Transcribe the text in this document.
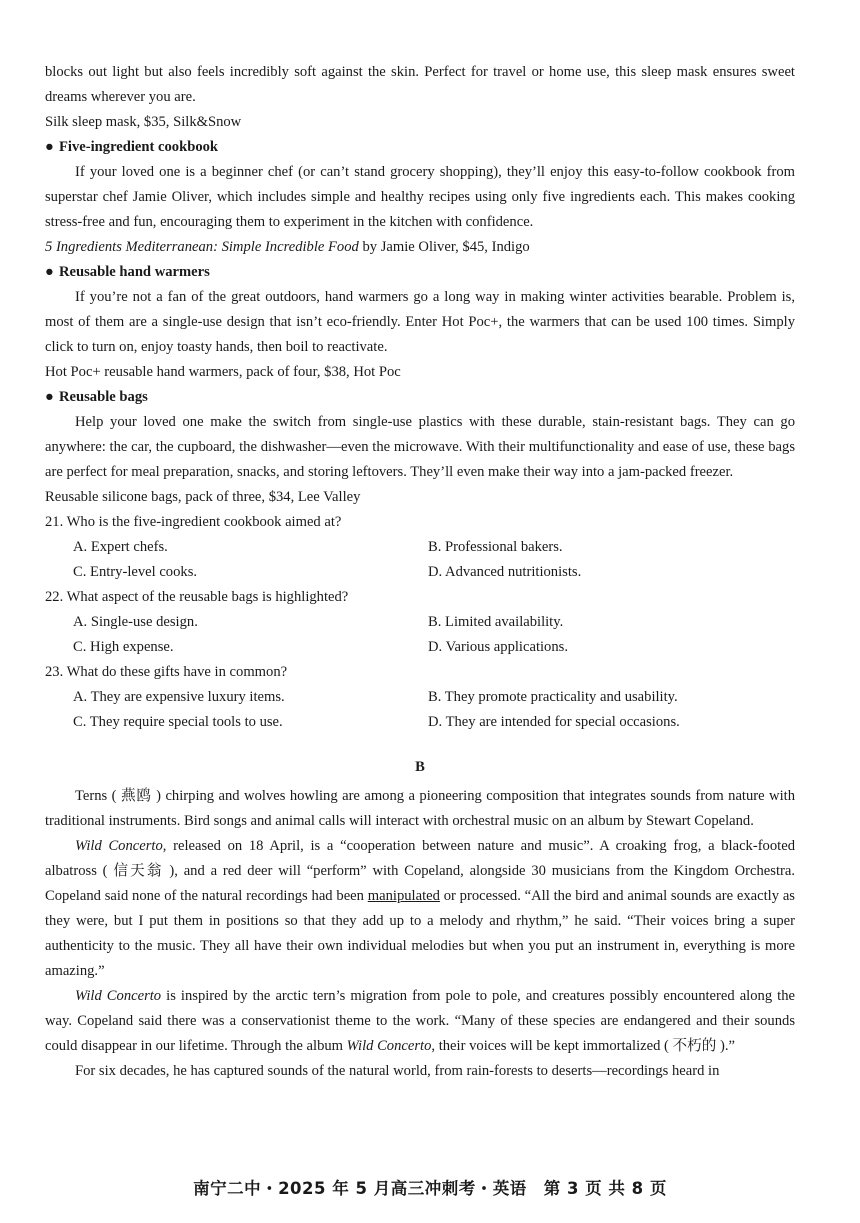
blocks out light but also feels incredibly soft against the skin. Perfect for travel or home use, this sleep mask ensures sweet dreams wherever you are.

Silk sleep mask, $35, Silk&Snow

● Five-ingredient cookbook

If your loved one is a beginner chef (or can’t stand grocery shopping), they’ll enjoy this easy-to-follow cookbook from superstar chef Jamie Oliver, which includes simple and healthy recipes using only five ingredients each. This makes cooking stress-free and fun, encouraging them to experiment in the kitchen with confidence.

5 Ingredients Mediterranean: Simple Incredible Food by Jamie Oliver, $45, Indigo

● Reusable hand warmers

If you’re not a fan of the great outdoors, hand warmers go a long way in making winter activities bearable. Problem is, most of them are a single-use design that isn’t eco-friendly. Enter Hot Poc+, the warmers that can be used 100 times. Simply click to turn on, enjoy toasty hands, then boil to reactivate.

Hot Poc+ reusable hand warmers, pack of four, $38, Hot Poc

● Reusable bags

Help your loved one make the switch from single-use plastics with these durable, stain-resistant bags. They can go anywhere: the car, the cupboard, the dishwasher—even the microwave. With their multifunctionality and ease of use, these bags are perfect for meal preparation, snacks, and storing leftovers. They’ll even make their way into a jam-packed freezer.

Reusable silicone bags, pack of three, $34, Lee Valley

21. Who is the five-ingredient cookbook aimed at?

A. Expert chefs.	B. Professional bakers.
C. Entry-level cooks.	D. Advanced nutritionists.

22. What aspect of the reusable bags is highlighted?

A. Single-use design.	B. Limited availability.
C. High expense.	D. Various applications.

23. What do these gifts have in common?

A. They are expensive luxury items.	B. They promote practicality and usability.
C. They require special tools to use.	D. They are intended for special occasions.
B

Terns ( 燕鸥 ) chirping and wolves howling are among a pioneering composition that integrates sounds from nature with traditional instruments. Bird songs and animal calls will interact with orchestral music on an album by Stewart Copeland.

Wild Concerto, released on 18 April, is a “cooperation between nature and music”. A croaking frog, a black-footed albatross ( 信天翁 ), and a red deer will “perform” with Copeland, alongside 30 musicians from the Kingdom Orchestra. Copeland said none of the natural recordings had been manipulated or processed. “All the bird and animal sounds are exactly as they were, but I put them in positions so that they add up to a melody and rhythm,” he said. “Their voices bring a super authenticity to the music. They all have their own individual melodies but when you put an instrument in, everything is more amazing.”

Wild Concerto is inspired by the arctic tern’s migration from pole to pole, and creatures possibly encountered along the way. Copeland said there was a conservationist theme to the work. “Many of these species are endangered and their sounds could disappear in our lifetime. Through the album Wild Concerto, their voices will be kept immortalized ( 不朽的 ).”

For six decades, he has captured sounds of the natural world, from rain-forests to deserts—recordings heard in

南宁二中・2025 年 5 月高三冲刺考・英语　第 3 页 共 8 页
